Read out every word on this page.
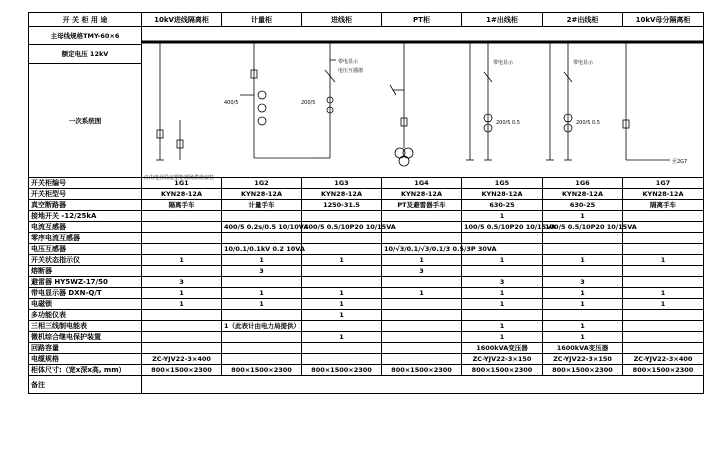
开 关 柜 用 途	10kV进线隔离柜	计量柜	进线柜	PT柜	1#出线柜	2#出线柜	10kV母分隔离柜
主母线规格TMY-60×6							
额定电压 12kV							
一次系统图							
开关柜编号	1G1	1G2	1G3	1G4	1G5	1G6	1G7
开关柜型号	KYN28-12A	KYN28-12A	KYN28-12A	KYN28-12A	KYN28-12A	KYN28-12A	KYN28-12A
真空断路器	隔离手车	计量手车	1250-31.5	PT及避雷器手车	630-25	630-25	隔离手车
接地开关 -12/25kA					1	1	
电流互感器		400/5 0.2s/0.5 10/10VA	400/5 0.5/10P20 10/15VA		100/5 0.5/10P20 10/15VA	100/5 0.5/10P20 10/15VA	
零序电流互感器							
电压互感器		10/0.1/0.1kV 0.2 10VA		10/√3/0.1/√3/0.1/3 0.5/3P 30VA			
开关状态指示仪	1	1	1	1	1	1	1
熔断器		3		3			
避雷器 HY5WZ-17/50	3				3	3	
带电显示器 DXN-Q/T	1	1	1	1	1	1	1
电磁锁	1	1	1		1	1	1
多功能仪表			1				
三相三线制电能表		1（此表计由电力局提供）			1	1	
微机综合继电保护装置			1		1	1	
回路容量					1600kVA变压器	1600kVA变压器	
电缆规格	ZC-YJV22-3×400				ZC-YJV22-3×150	ZC-YJV22-3×150	ZC-YJV22-3×400
柜体尺寸:（宽x深x高, mm）	800×1500×2300	800×1500×2300	800×1500×2300	800×1500×2300	800×1500×2300	800×1500×2300	800×1500×2300
备注							
注由电业局定型柜现场供给安装
400/5
带电显示
电压互感器
200/5
带电显示
200/5 0.5
带电显示
200/5 0.5
至2G7
